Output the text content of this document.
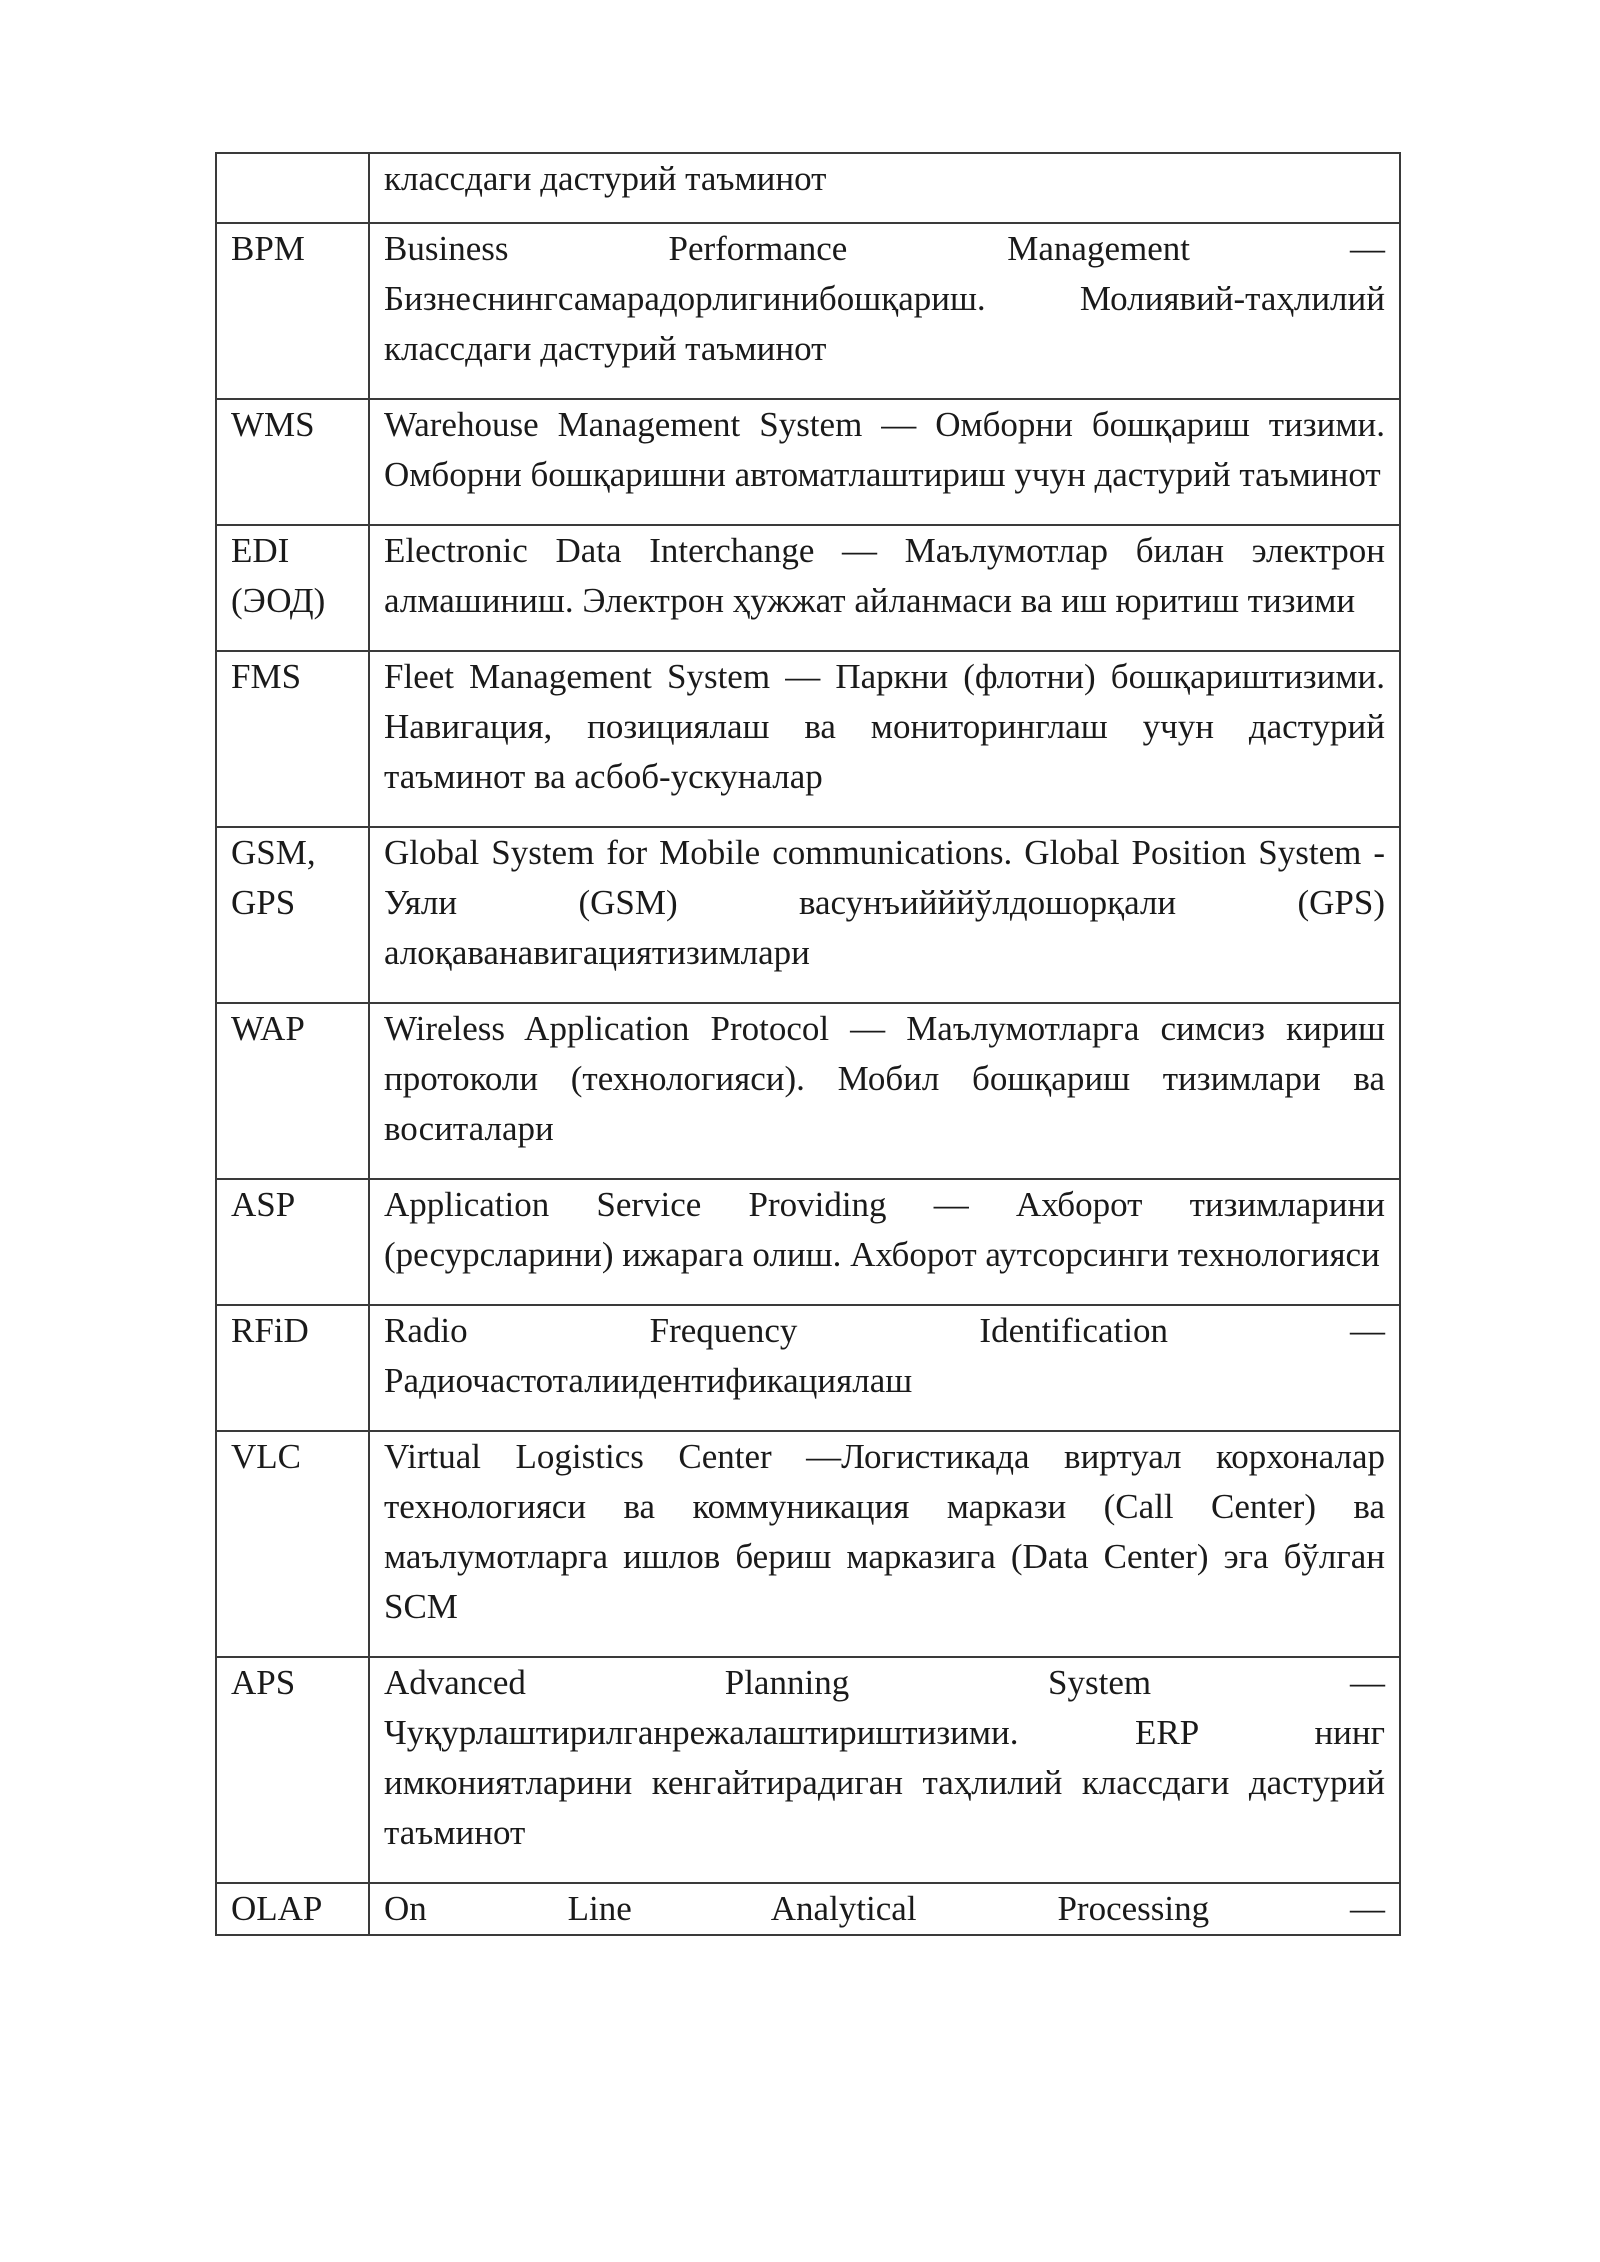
	классдаги дастурий таъминот
BPM	Business Performance Management — Бизнеснингсамарадорлигинибошқариш. Молиявий-таҳлилий классдаги дастурий таъминот
WMS	Warehouse Management System — Омборни бошқариш тизими. Омборни бошқаришни автоматлаштириш учун дастурий таъминот
EDI (ЭОД)	Electronic Data Interchange — Маълумотлар билан электрон алмашиниш. Электрон ҳужжат айланмаси ва иш юритиш тизими
FMS	Fleet Management System — Паркни (флотни) бошқариштизими. Навигация, позициялаш ва мониторинглаш учун дастурий таъминот ва асбоб-ускуналар
GSM, GPS	Global System for Mobile communications. Global Position System - Уяли (GSM) васунъийййўлдошорқали (GPS) алоқаванавигациятизимлари
WAP	Wireless Application Protocol — Маълумотларга симсиз кириш протоколи (технологияси). Мобил бошқариш тизимлари ва воситалари
ASP	Application Service Providing — Ахборот тизимларини (ресурсларини) ижарага олиш. Ахборот аутсорсинги технологияси
RFiD	Radio Frequency Identification — Радиочастоталиидентификациялаш
VLC	Virtual Logistics Center —Логистикада виртуал корхоналар технологияси ва коммуникация маркази (Call Center) ва маълумотларга ишлов бериш марказига (Data Center) эга бўлган SCM
APS	Advanced Planning System — Чуқурлаштирилганрежалаштириштизими. ERP нинг имкониятларини кенгайтирадиган таҳлилий классдаги дастурий таъминот
OLAP	On Line Analytical Processing —
